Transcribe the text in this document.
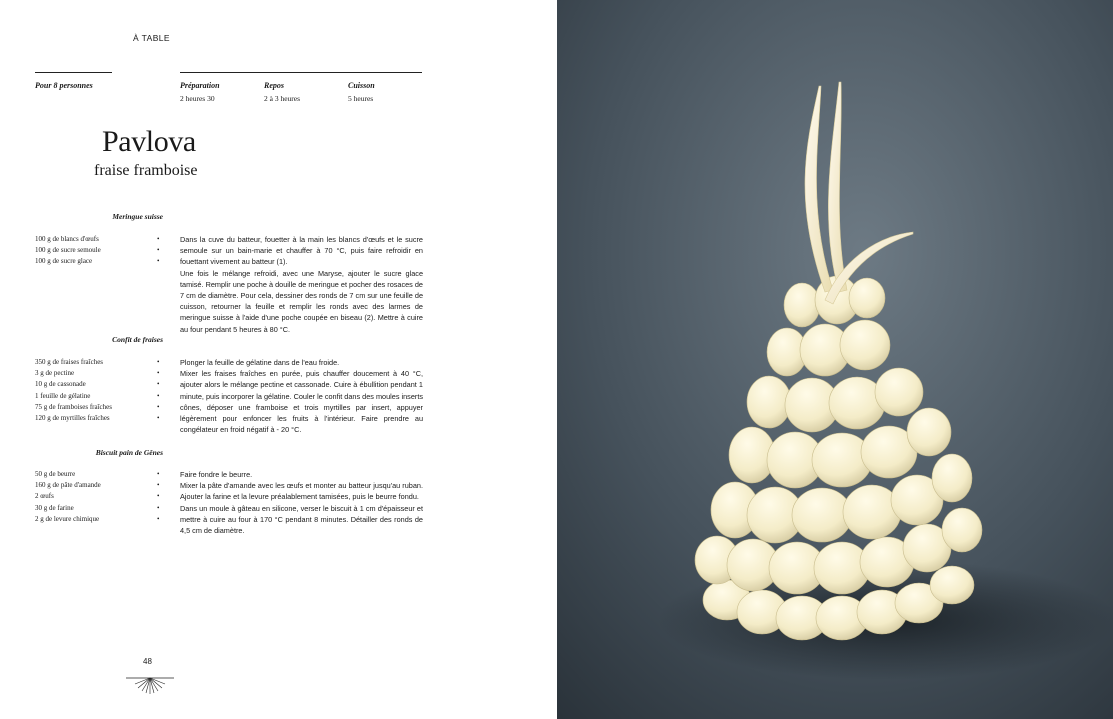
À TABLE
Pour 8 personnes	Préparation
2 heures 30
Repos
2 à 3 heures
Cuisson
5 heures
Pavlova
fraise framboise
Meringue suisse
100 g de blancs d'œufs
100 g de sucre semoule
100 g de sucre glace
•
•
•

Dans la cuve du batteur, fouetter à la main les blancs d'œufs et le sucre semoule sur un bain-marie et chauffer à 70 °C, puis faire refroidir en fouettant vivement au batteur (1).

Une fois le mélange refroidi, avec une Maryse, ajouter le sucre glace tamisé. Remplir une poche à douille de meringue et pocher des rosaces de 7 cm de diamètre. Pour cela, dessiner des ronds de 7 cm sur une feuille de cuisson, retourner la feuille et remplir les ronds avec des larmes de meringue suisse à l'aide d'une poche coupée en biseau (2). Mettre à cuire au four pendant 5 heures à 80 °C.

Confit de fraises
350 g de fraises fraîches
3 g de pectine
10 g de cassonade
1 feuille de gélatine
75 g de framboises fraîches
120 g de myrtilles fraîches
•
•
•
•
•
•

Plonger la feuille de gélatine dans de l'eau froide.

Mixer les fraises fraîches en purée, puis chauffer doucement à 40 °C, ajouter alors le mélange pectine et cassonade. Cuire à ébullition pendant 1 minute, puis incorporer la gélatine. Couler le confit dans des moules inserts cônes, déposer une framboise et trois myrtilles par insert, appuyer légèrement pour enfoncer les fruits à l'intérieur. Faire prendre au congélateur en froid négatif à - 20 °C.

Biscuit pain de Gênes
50 g de beurre
160 g de pâte d'amande
2 œufs
30 g de farine
2 g de levure chimique
•
•
•
•
•

Faire fondre le beurre.

Mixer la pâte d'amande avec les œufs et monter au batteur jusqu'au ruban. Ajouter la farine et la levure préalablement tamisées, puis le beurre fondu.

Dans un moule à gâteau en silicone, verser le biscuit à 1 cm d'épaisseur et mettre à cuire au four à 170 °C pendant 8 minutes. Détailler des ronds de 4,5 cm de diamètre.

48
